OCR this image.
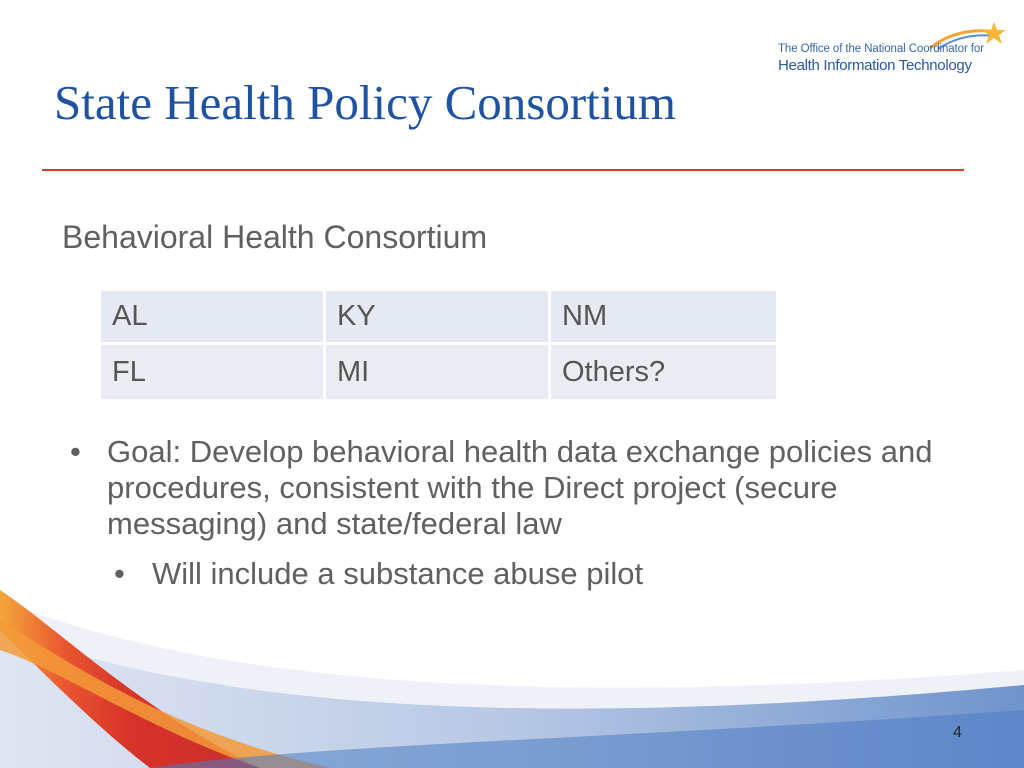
The Office of the National Coordinator for
Health Information Technology
State Health Policy Consortium
Behavioral Health Consortium
AL	KY	NM
FL	MI	Others?
• Goal: Develop behavioral health data exchange policies and procedures, consistent with the Direct project (secure messaging) and state/federal law
• Will include a substance abuse pilot
4
